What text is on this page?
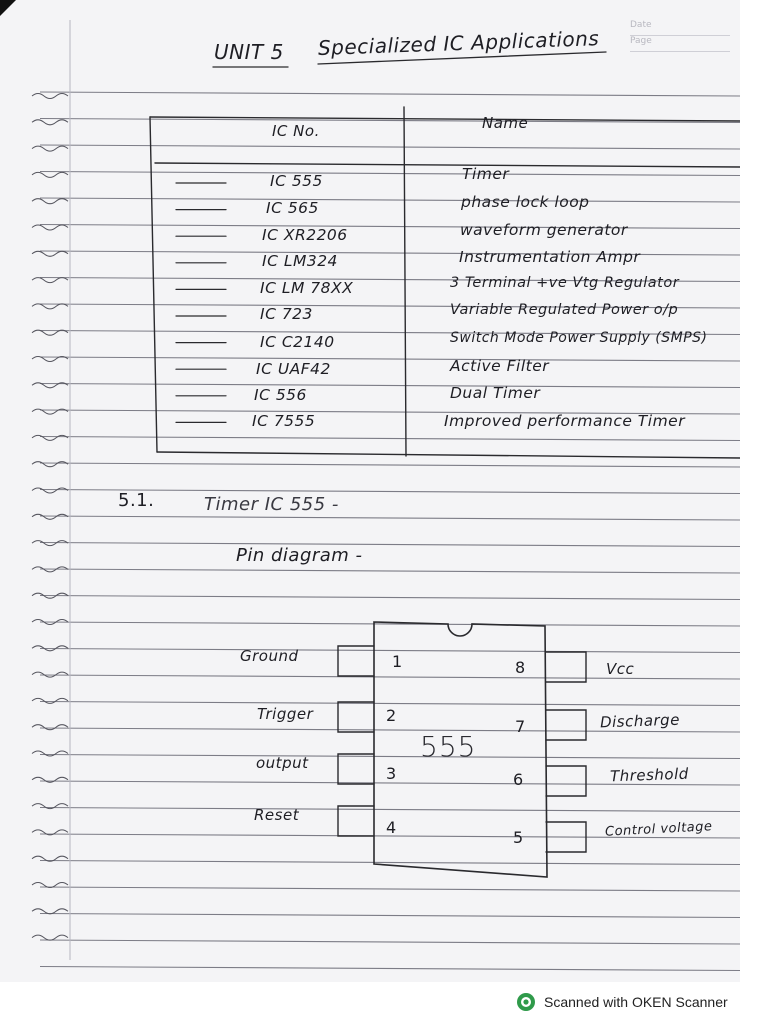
Date
Page
UNIT 5 Specialized IC Applications
IC No.	Name
IC 555	Timer
IC 565	phase lock loop
IC XR2206	waveform generator
IC LM324	Instrumentation Ampr
IC LM 78XX	3 Terminal +ve Vtg Regulator
IC 723	Variable Regulated Power o/p
IC C2140	Switch Mode Power Supply (SMPS)
IC UAF42	Active Filter
IC 556	Dual Timer
IC 7555	Improved performance Timer
5.1.	Timer IC 555 -
Pin diagram -
555
Ground
Trigger
output
Reset
1
2
3
4
8
7
6
5
Vcc
Discharge
Threshold
Control voltage
Scanned with OKEN Scanner
